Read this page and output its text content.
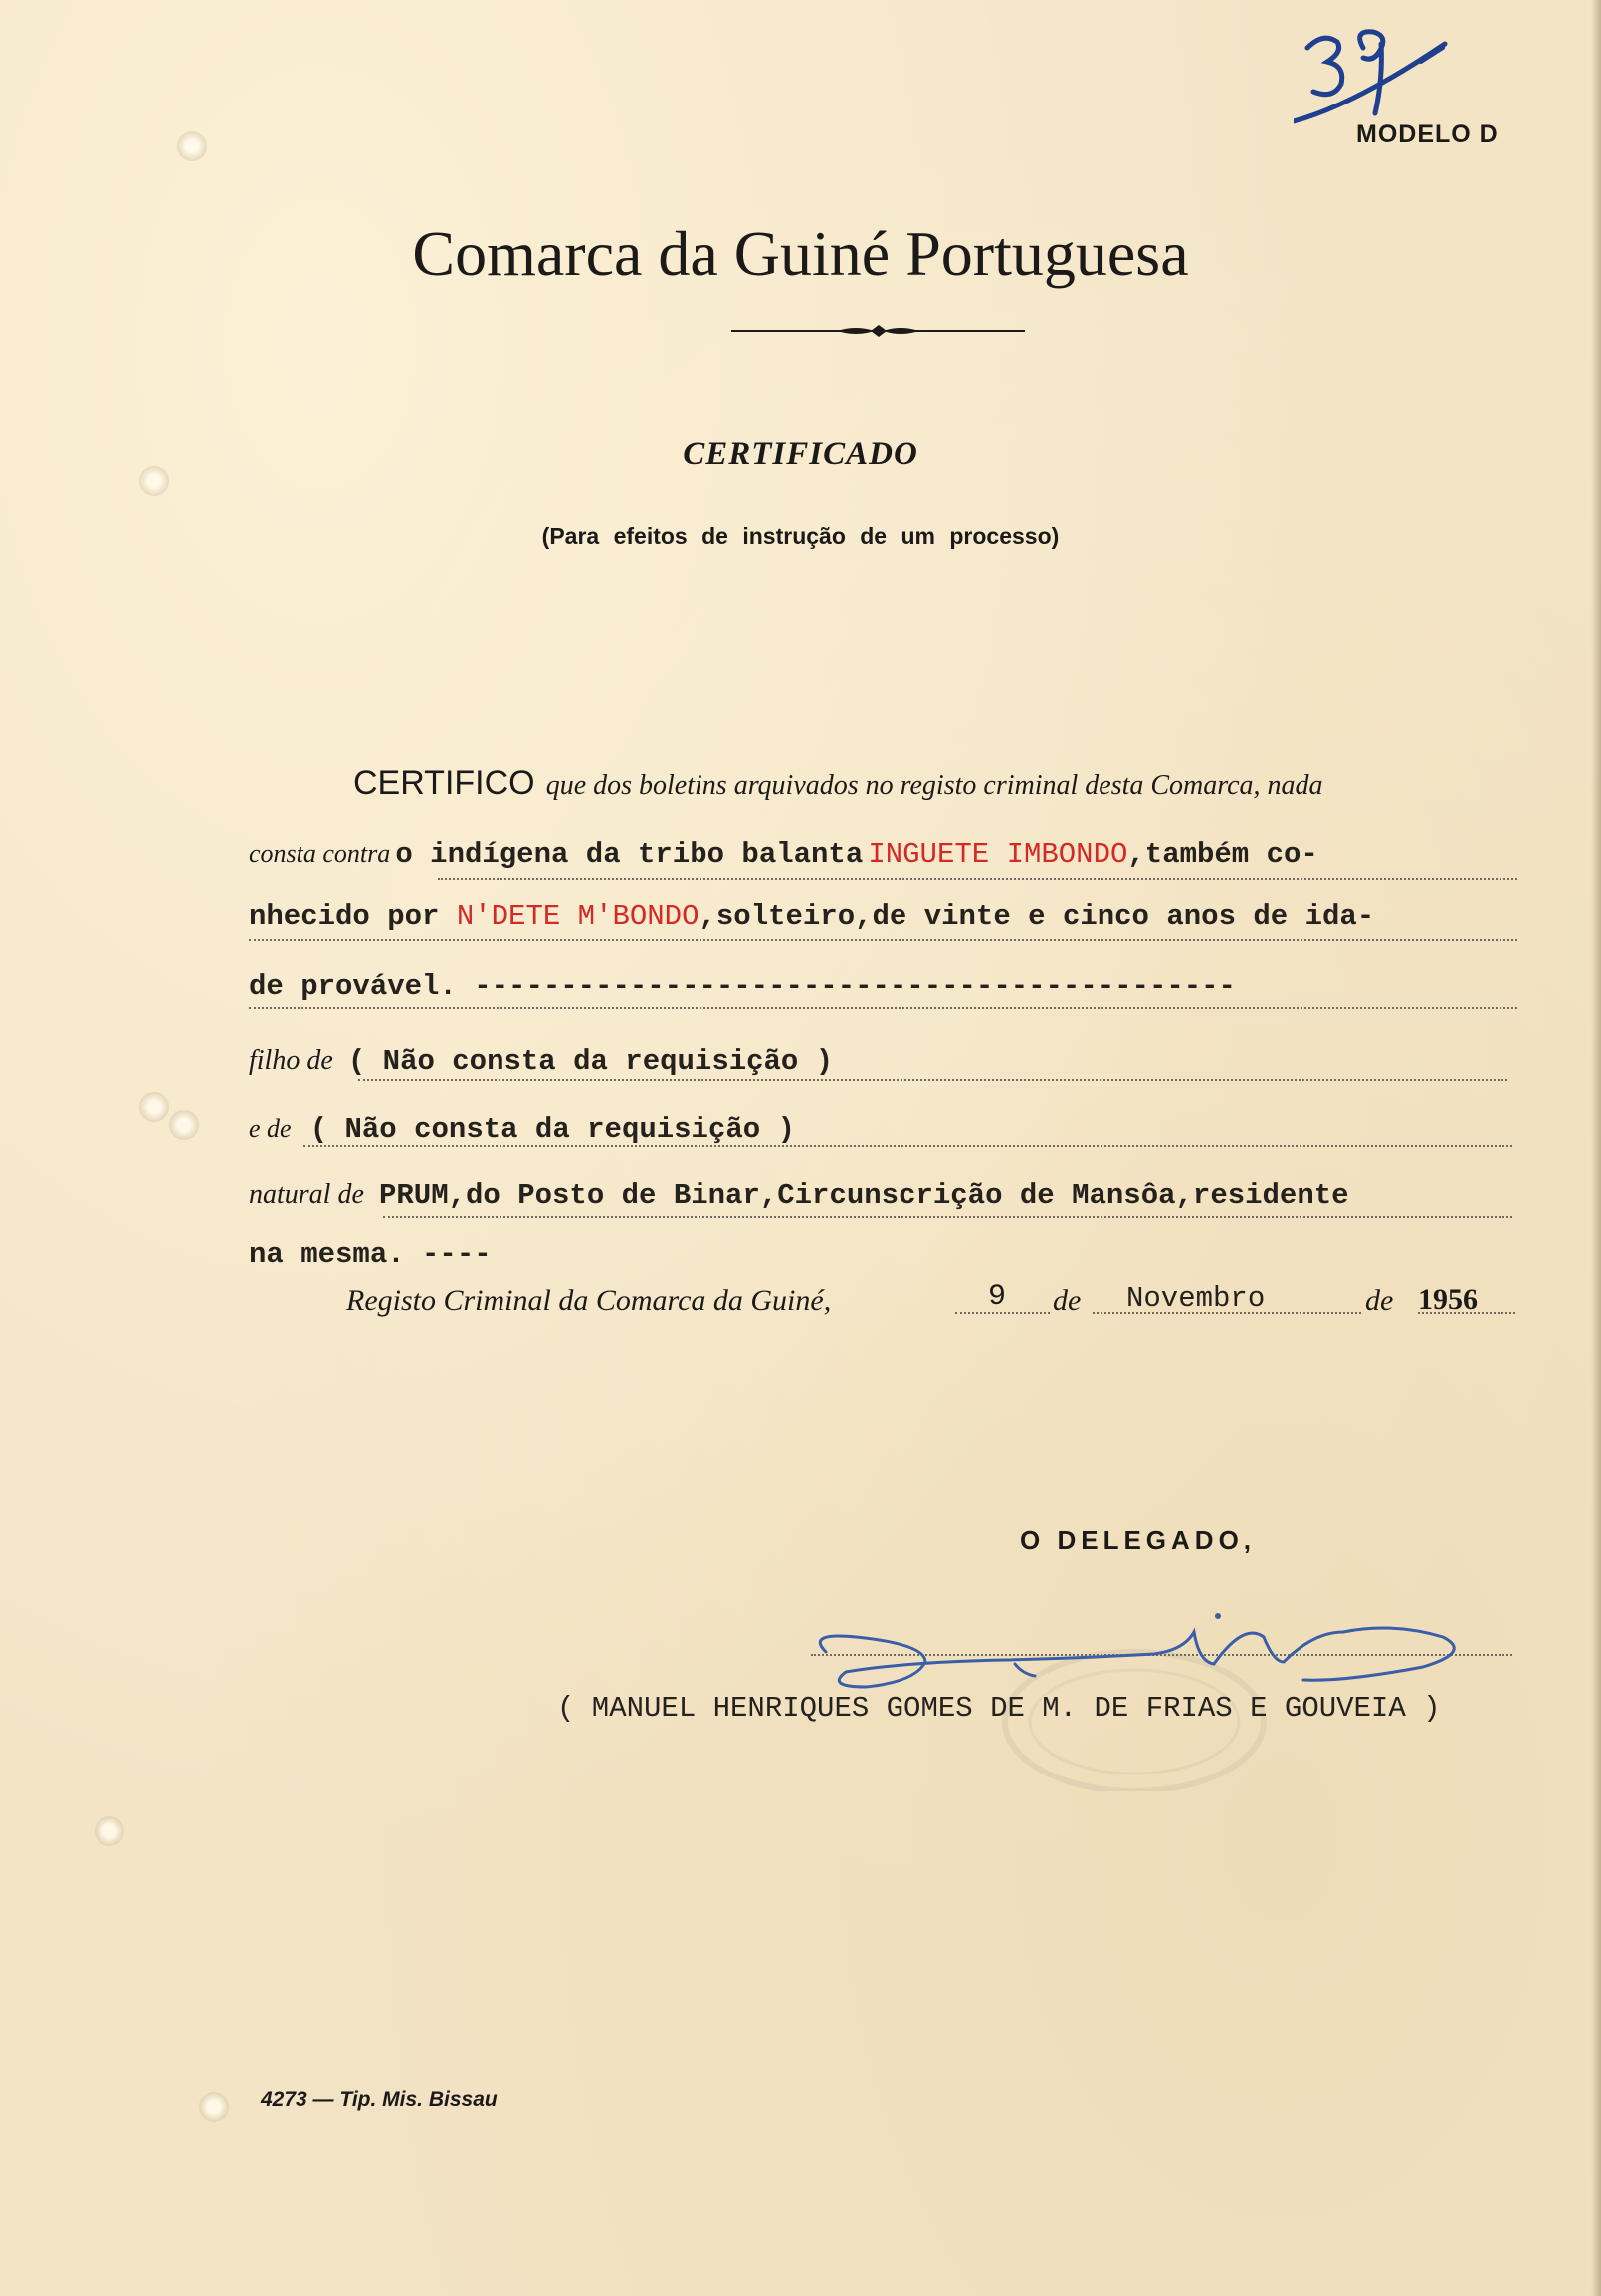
MODELO D
Comarca da Guiné Portuguesa
CERTIFICADO
(Para efeitos de instrução de um processo)
CERTIFICO que dos boletins arquivados no registo criminal desta Comarca, nada
consta contra o indígena da tribo balanta INGUETE IMBONDO,também co-
nhecido por N'DETE M'BONDO,solteiro,de vinte e cinco anos de ida-
de provável. --------------------------------------------
filho de ( Não consta da requisição )
e de ( Não consta da requisição )
natural de PRUM,do Posto de Binar,Circunscrição de Mansôa,residente
na mesma. ----
Registo Criminal da Comarca da Guiné,	9 de Novembro	de 1956
O DELEGADO,
( MANUEL HENRIQUES GOMES DE M. DE FRIAS E GOUVEIA )
4273 — Tip. Mis. Bissau
